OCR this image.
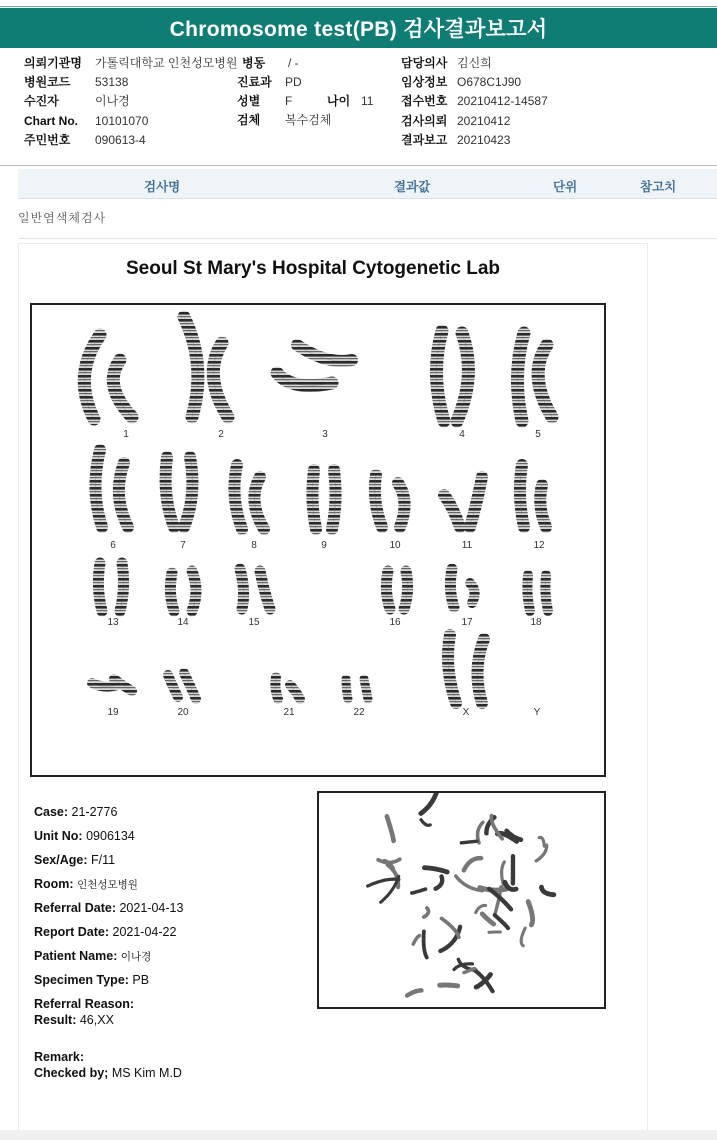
Chromosome test(PB) 검사결과보고서
의뢰기관명 가톨릭대학교 인천성모병원 병동 / -	담당의사 김신희
병원코드 53138	진료과 PD	임상정보 O678C1J90
수진자	이나경	성별 F	나이 11 접수번호 20210412-14587
Chart No. 10101070	검체 복수검체	검사의뢰 20210412
주민번호 090613-4	결과보고 20210423
검사명	결과값	단위	참고치
일반염색체검사
Seoul St Mary's Hospital Cytogenetic Lab
1	2	3	4	5
6	7	8	9	10	11	12
13	14	15	16	17	18
19	20	21	22	X	Y
Case: 21-2776
Unit No: 0906134
Sex/Age: F/11
Room: 인천성모병원
Referral Date: 2021-04-13
Report Date: 2021-04-22
Patient Name: 이나경
Specimen Type: PB
Referral Reason:
Result: 46,XX
Remark:
Checked by; MS Kim M.D
